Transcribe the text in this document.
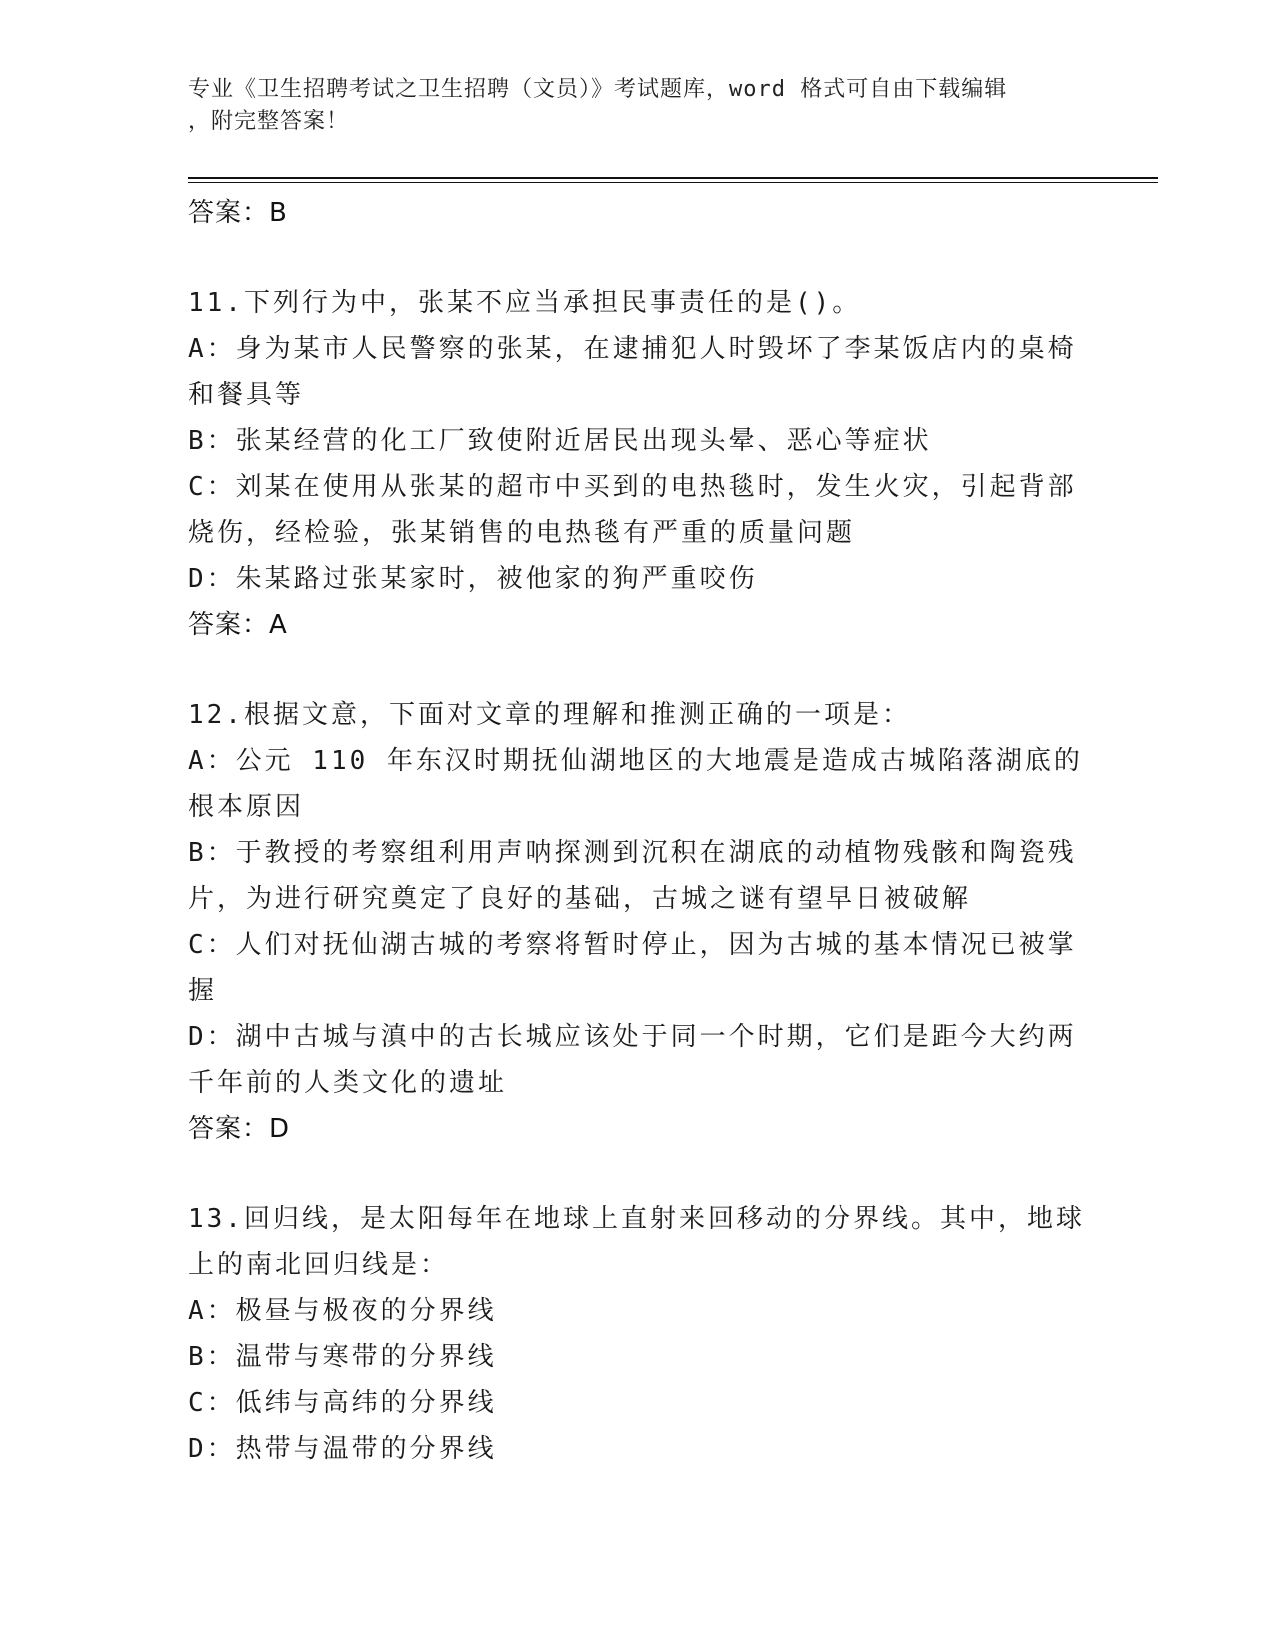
专业《卫生招聘考试之卫生招聘（文员）》考试题库，word 格式可自由下载编辑
，附完整答案！
答案：B
11.下列行为中，张某不应当承担民事责任的是()。
A：身为某市人民警察的张某，在逮捕犯人时毁坏了李某饭店内的桌椅和餐具等
B：张某经营的化工厂致使附近居民出现头晕、恶心等症状
C：刘某在使用从张某的超市中买到的电热毯时，发生火灾，引起背部烧伤，经检验，张某销售的电热毯有严重的质量问题
D：朱某路过张某家时，被他家的狗严重咬伤
答案：A
12.根据文意，下面对文章的理解和推测正确的一项是：
A：公元 110 年东汉时期抚仙湖地区的大地震是造成古城陷落湖底的根本原因
B：于教授的考察组利用声呐探测到沉积在湖底的动植物残骸和陶瓷残片，为进行研究奠定了良好的基础，古城之谜有望早日被破解
C：人们对抚仙湖古城的考察将暂时停止，因为古城的基本情况已被掌握
D：湖中古城与滇中的古长城应该处于同一个时期，它们是距今大约两千年前的人类文化的遗址
答案：D
13.回归线，是太阳每年在地球上直射来回移动的分界线。其中，地球上的南北回归线是：
A：极昼与极夜的分界线
B：温带与寒带的分界线
C：低纬与高纬的分界线
D：热带与温带的分界线
